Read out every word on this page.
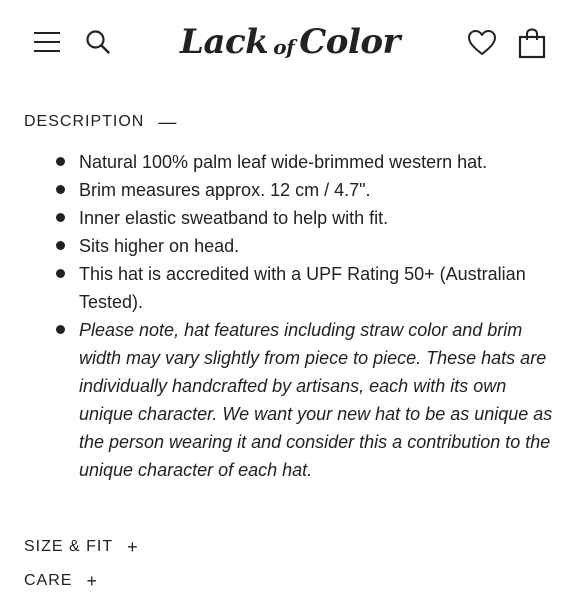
Lack of Color
DESCRIPTION —
Natural 100% palm leaf wide-brimmed western hat.
Brim measures approx. 12 cm / 4.7".
Inner elastic sweatband to help with fit.
Sits higher on head.
This hat is accredited with a UPF Rating 50+ (Australian Tested).
Please note, hat features including straw color and brim width may vary slightly from piece to piece. These hats are individually handcrafted by artisans, each with its own unique character. We want your new hat to be as unique as the person wearing it and consider this a contribution to the unique character of each hat.
SIZE & FIT +
CARE +
